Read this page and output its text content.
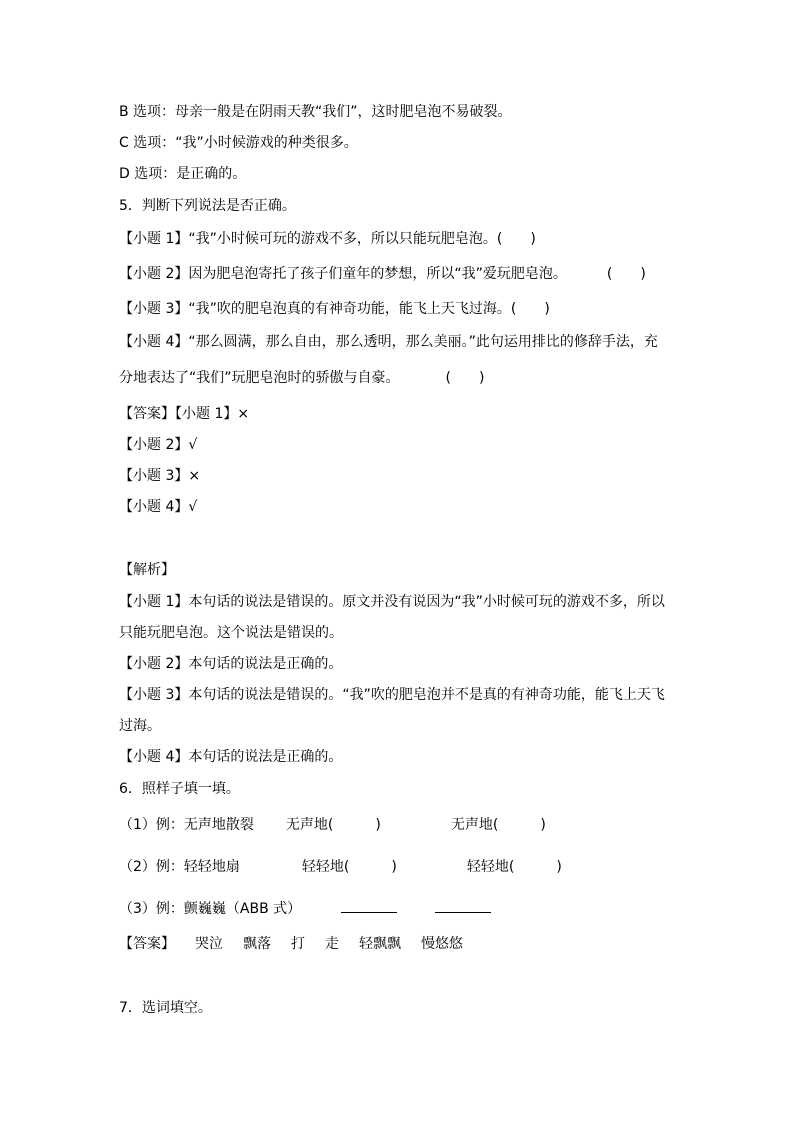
B 选项：母亲一般是在阴雨天教“我们”，这时肥皂泡不易破裂。
C 选项：“我”小时候游戏的种类很多。
D 选项：是正确的。
5．判断下列说法是否正确。
【小题 1】“我”小时候可玩的游戏不多，所以只能玩肥皂泡。(　　)
【小题 2】因为肥皂泡寄托了孩子们童年的梦想，所以“我”爱玩肥皂泡。	(　　)
【小题 3】“我”吹的肥皂泡真的有神奇功能，能飞上天飞过海。(　　)
【小题 4】“那么圆满，那么自由，那么透明，那么美丽。”此句运用排比的修辞手法，充
分地表达了“我们”玩肥皂泡时的骄傲与自豪。	(　　)
【答案】【小题 1】×
【小题 2】√
【小题 3】×
【小题 4】√
【解析】
【小题 1】本句话的说法是错误的。原文并没有说因为“我”小时候可玩的游戏不多，所以
只能玩肥皂泡。这个说法是错误的。
【小题 2】本句话的说法是正确的。
【小题 3】本句话的说法是错误的。“我”吹的肥皂泡并不是真的有神奇功能，能飞上天飞
过海。
【小题 4】本句话的说法是正确的。
6．照样子填一填。
（1）例：无声地散裂 无声地(　　　)	无声地(　　　)
（2）例：轻轻地扇	轻轻地(　　　)	轻轻地(　　　)
（3）例：颤巍巍（ABB 式）
【答案】 哭泣 飘落 打 走 轻飘飘 慢悠悠
7．选词填空。
